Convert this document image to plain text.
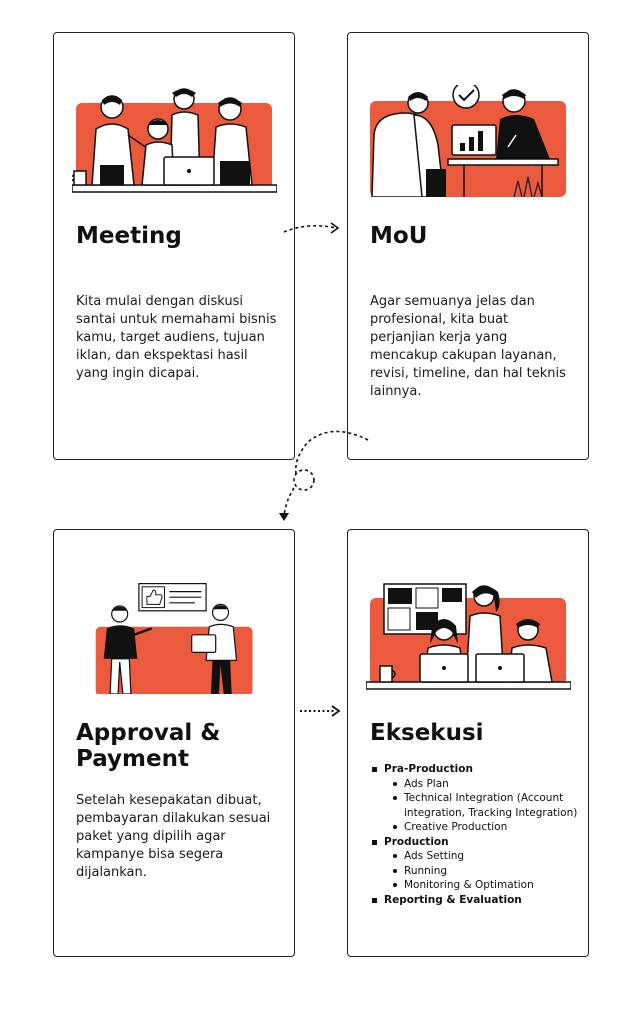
Meeting

Kita mulai dengan diskusi santai untuk memahami bisnis kamu, target audiens, tujuan iklan, dan ekspektasi hasil yang ingin dicapai.

MoU

Agar semuanya jelas dan profesional, kita buat perjanjian kerja yang mencakup cakupan layanan, revisi, timeline, dan hal teknis lainnya.

Approval & Payment

Setelah kesepakatan dibuat, pembayaran dilakukan sesuai paket yang dipilih agar kampanye bisa segera dijalankan.

Eksekusi
Pra-Production
Ads Plan
Technical Integration (Account integration, Tracking Integration)
Creative Production
Production
Ads Setting
Running
Monitoring & Optimation
Reporting & Evaluation
